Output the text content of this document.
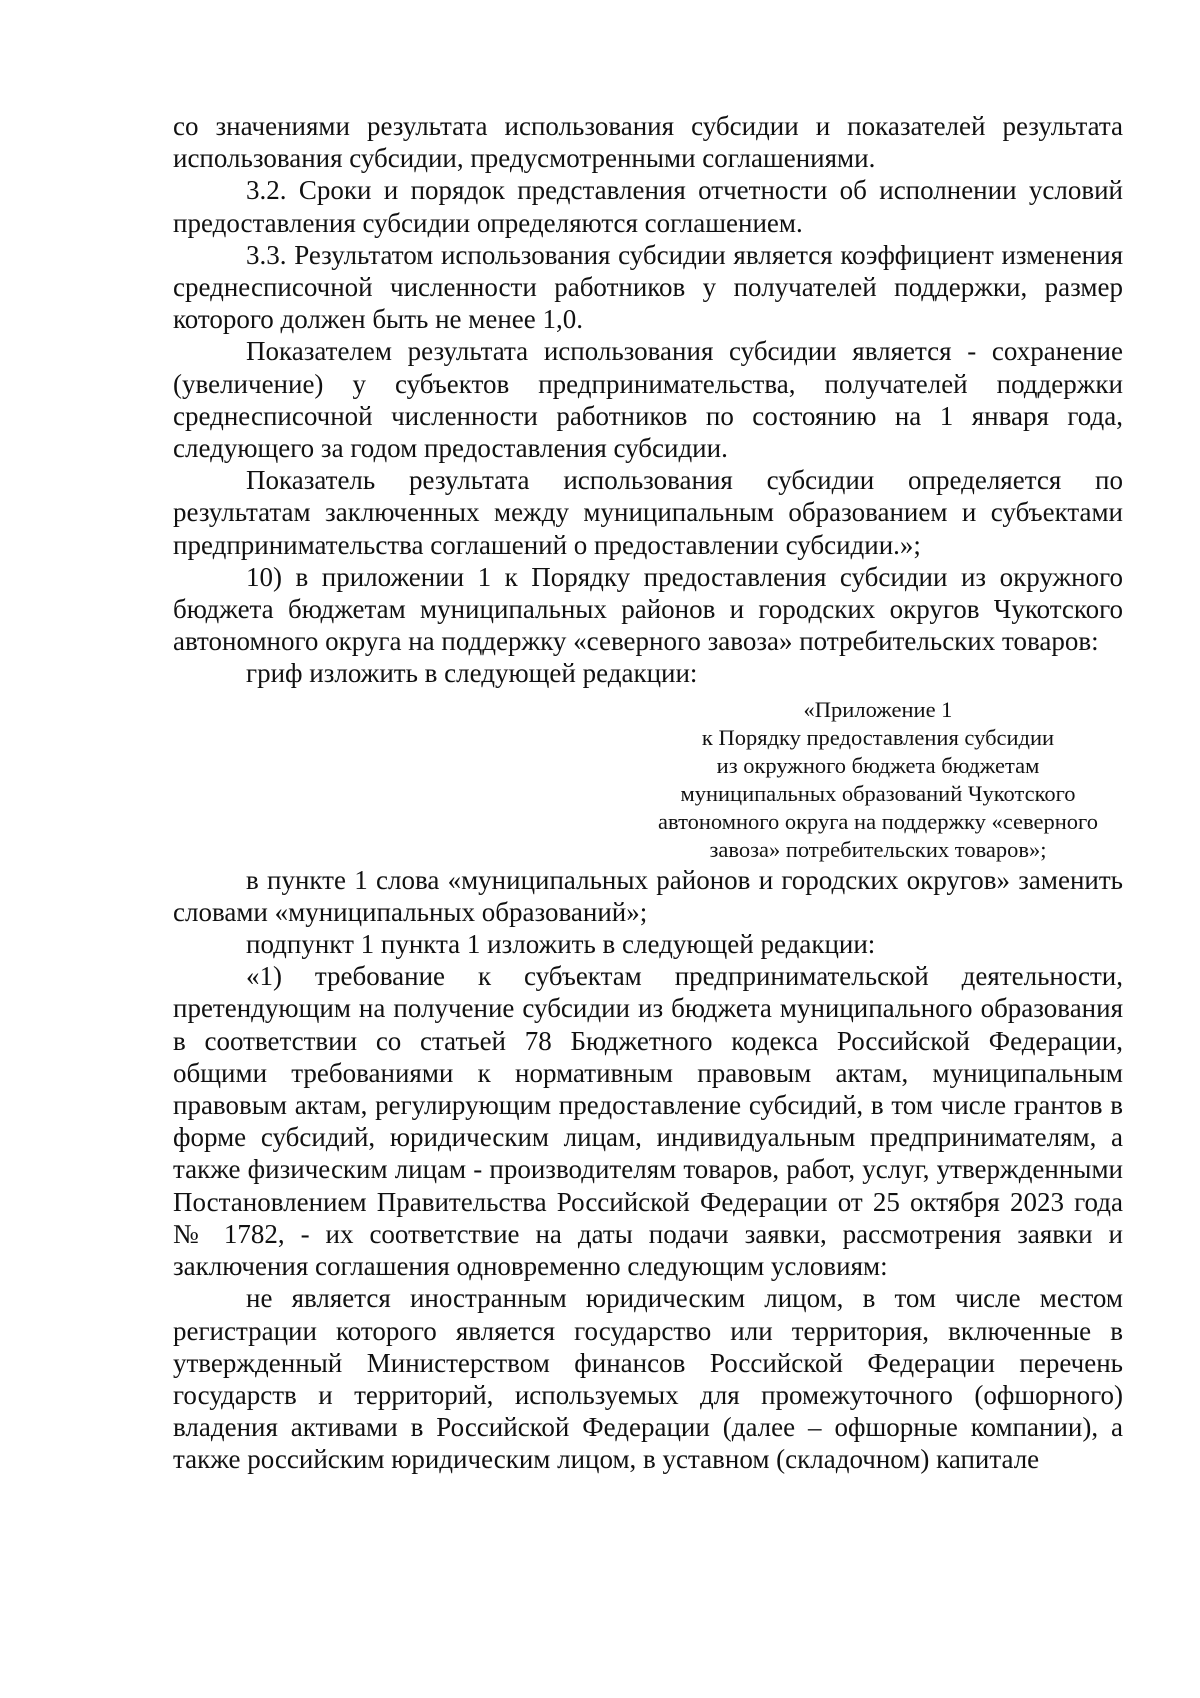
со значениями результата использования субсидии и показателей результата использования субсидии, предусмотренными соглашениями.

3.2. Сроки и порядок представления отчетности об исполнении условий предоставления субсидии определяются соглашением.

3.3. Результатом использования субсидии является коэффициент изменения среднесписочной численности работников у получателей поддержки, размер которого должен быть не менее 1,0.

Показателем результата использования субсидии является - сохранение (увеличение) у субъектов предпринимательства, получателей поддержки среднесписочной численности работников по состоянию на 1 января года, следующего за годом предоставления субсидии.

Показатель результата использования субсидии определяется по результатам заключенных между муниципальным образованием и субъектами предпринимательства соглашений о предоставлении субсидии.»;

10) в приложении 1 к Порядку предоставления субсидии из окружного бюджета бюджетам муниципальных районов и городских округов Чукотского автономного округа на поддержку «северного завоза» потребительских товаров:

гриф изложить в следующей редакции:

«Приложение 1
к Порядку предоставления субсидии
из окружного бюджета бюджетам
муниципальных образований Чукотского
автономного округа на поддержку «северного
завоза» потребительских товаров»;

в пункте 1 слова «муниципальных районов и городских округов» заменить словами «муниципальных образований»;

подпункт 1 пункта 1 изложить в следующей редакции:

«1) требование к субъектам предпринимательской деятельности, претендующим на получение субсидии из бюджета муниципального образования в соответствии со статьей 78 Бюджетного кодекса Российской Федерации, общими требованиями к нормативным правовым актам, муниципальным правовым актам, регулирующим предоставление субсидий, в том числе грантов в форме субсидий, юридическим лицам, индивидуальным предпринимателям, а также физическим лицам - производителям товаров, работ, услуг, утвержденными Постановлением Правительства Российской Федерации от 25 октября 2023 года № 1782, - их соответствие на даты подачи заявки, рассмотрения заявки и заключения соглашения одновременно следующим условиям:

не является иностранным юридическим лицом, в том числе местом регистрации которого является государство или территория, включенные в утвержденный Министерством финансов Российской Федерации перечень государств и территорий, используемых для промежуточного (офшорного) владения активами в Российской Федерации (далее – офшорные компании), а также российским юридическим лицом, в уставном (складочном) капитале
